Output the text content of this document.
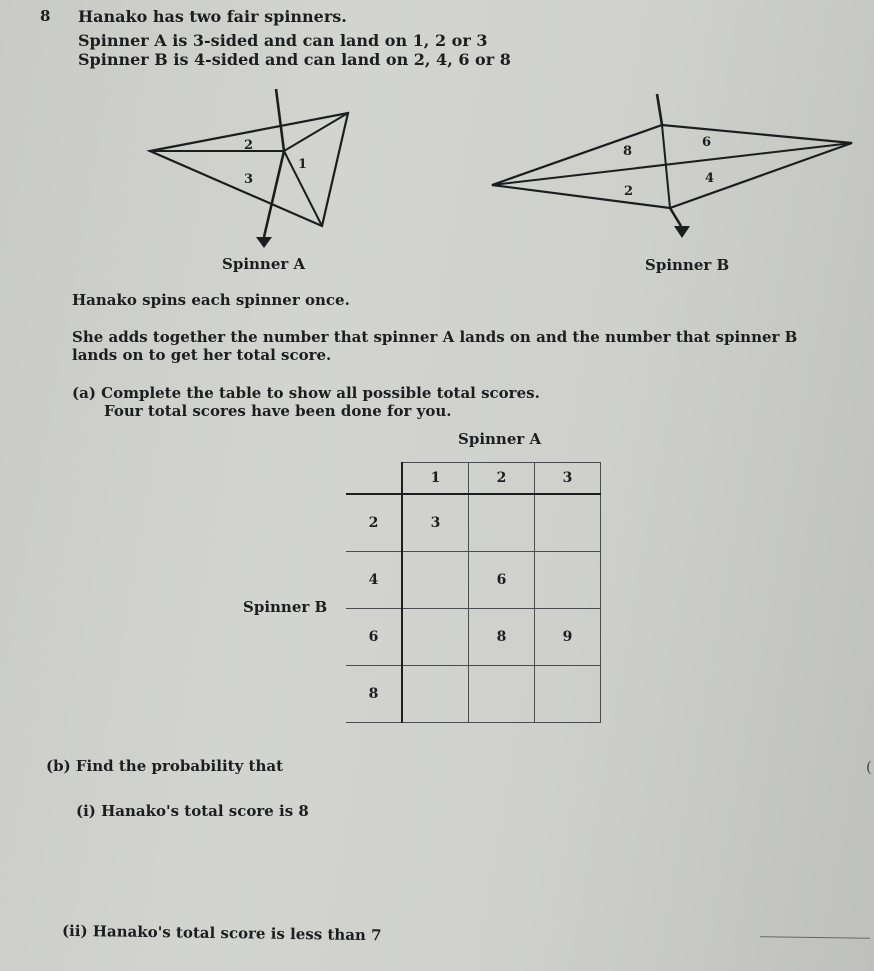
8 Hanako has two fair spinners.
Spinner A is 3-sided and can land on 1, 2 or 3
Spinner B is 4-sided and can land on 2, 4, 6 or 8
1
2
3
Spinner A
2
4
6
8
Spinner B
Hanako spins each spinner once.
She adds together the number that spinner A lands on and the number that spinner B
lands on to get her total score.
(a) Complete the table to show all possible total scores.
Four total scores have been done for you.
Spinner A
Spinner B
	1	2	3
2	3		
4		6	
6		8	9
8			
(b) Find the probability that	(
(i) Hanako's total score is 8
(ii) Hanako's total score is less than 7
